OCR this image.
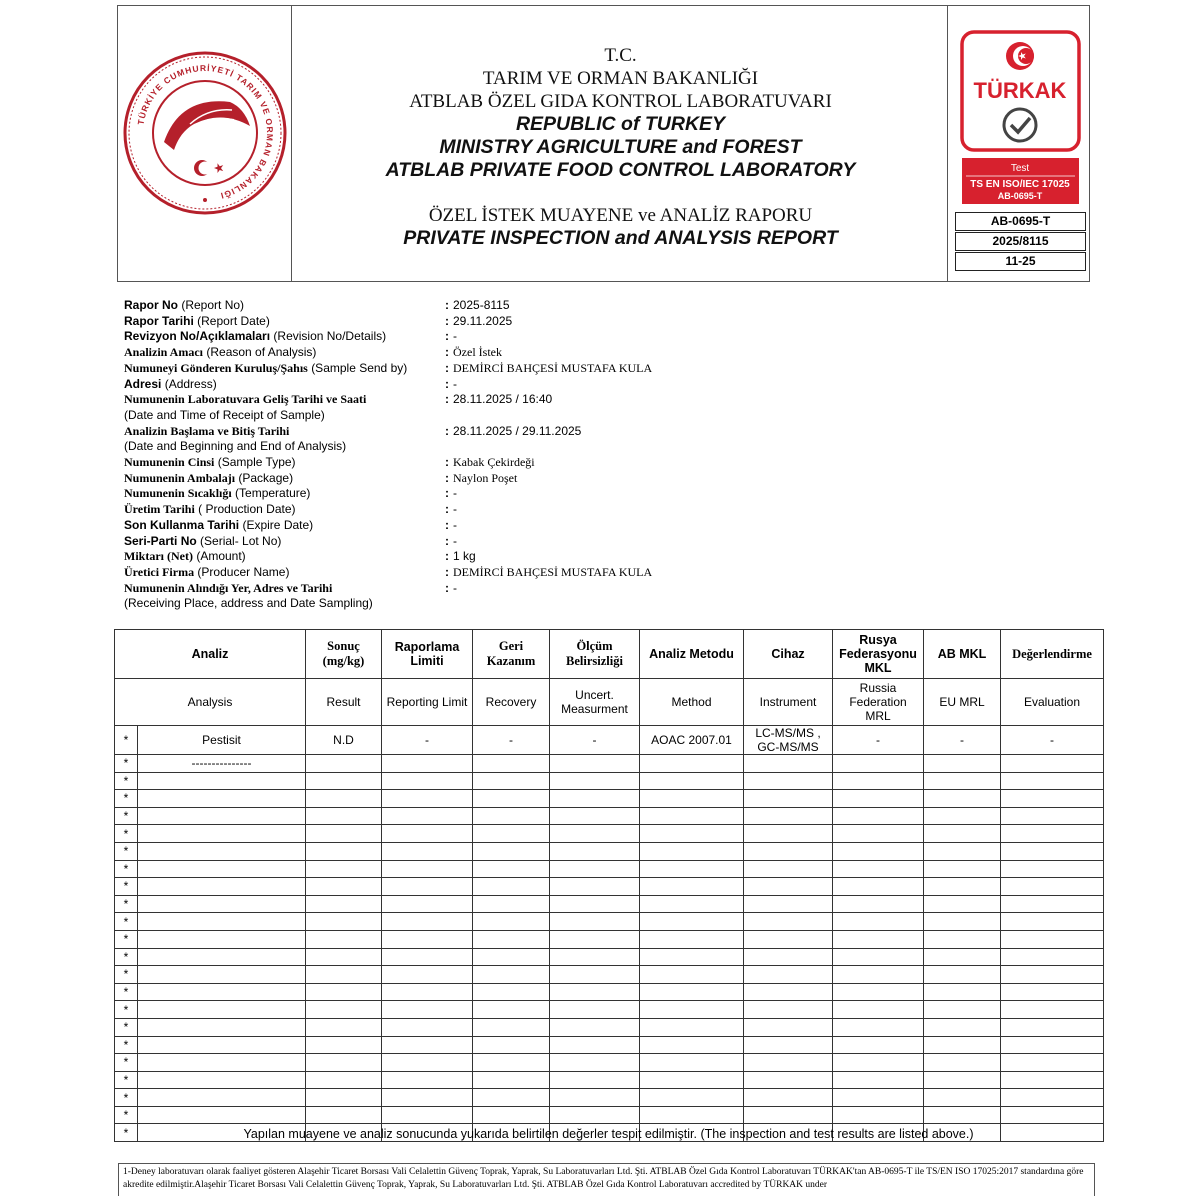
TÜRKİYE CUMHURİYETİ TARIM VE ORMAN BAKANLIĞI
T.C.
TARIM VE ORMAN BAKANLIĞI
ATBLAB ÖZEL GIDA KONTROL LABORATUVARI
REPUBLIC of TURKEY
MINISTRY AGRICULTURE and FOREST
ATBLAB PRIVATE FOOD CONTROL LABORATORY
ÖZEL İSTEK MUAYENE ve ANALİZ RAPORU
PRIVATE INSPECTION and ANALYSIS REPORT
TÜRKAK
Test
TS EN ISO/IEC 17025
AB-0695-T
AB-0695-T
2025/8115
11-25
Rapor No (Report No)	: 2025-8115
Rapor Tarihi (Report Date)	: 29.11.2025
Revizyon No/Açıklamaları (Revision No/Details)	: -
Analizin Amacı (Reason of Analysis)	: Özel İstek
Numuneyi Gönderen Kuruluş/Şahıs (Sample Send by)	: DEMİRCİ BAHÇESİ MUSTAFA KULA
Adresi (Address)	: -
Numunenin Laboratuvara Geliş Tarihi ve Saati
(Date and Time of Receipt of Sample)
: 28.11.2025 / 16:40
Analizin Başlama ve Bitiş Tarihi
(Date and Beginning and End of Analysis)
: 28.11.2025 / 29.11.2025
Numunenin Cinsi (Sample Type)	: Kabak Çekirdeği
Numunenin Ambalajı (Package)	: Naylon Poşet
Numunenin Sıcaklığı (Temperature)	: -
Üretim Tarihi ( Production Date)	: -
Son Kullanma Tarihi (Expire Date)	: -
Seri-Parti No (Serial- Lot No)	: -
Miktarı (Net) (Amount)	: 1 kg
Üretici Firma (Producer Name)	: DEMİRCİ BAHÇESİ MUSTAFA KULA
Numunenin Alındığı Yer, Adres ve Tarihi
(Receiving Place, address and Date Sampling)
: -
Analiz		Sonuç (mg/kg)	Raporlama Limiti	Geri Kazanım	Ölçüm Belirsizliği	Analiz Metodu	Cihaz	Rusya Federasyonu MKL	AB MKL	Değerlendirme
Analysis		Result	Reporting Limit	Recovery	Uncert. Measurment	Method	Instrument	Russia Federation MRL	EU MRL	Evaluation
*	Pestisit	N.D	-	-	-	AOAC 2007.01	LC-MS/MS , GC-MS/MS	-	-	-
*	---------------									
*										
*										
*										
*										
*										
*										
*										
*										
*										
*										
*										
*										
*										
*										
*										
*										
*										
*										
*										
*										
*											Yapılan muayene ve analiz sonucunda yukarıda belirtilen değerler tespit edilmiştir. (The inspection and test results are listed above.)
1-Deney laboratuvarı olarak faaliyet gösteren Alaşehir Ticaret Borsası Vali Celalettin Güvenç Toprak, Yaprak, Su Laboratuvarları Ltd. Şti. ATBLAB Özel Gıda Kontrol Laboratuvarı TÜRKAK'tan AB-0695-T ile TS/EN ISO 17025:2017 standardına göre akredite edilmiştir.Alaşehir Ticaret Borsası Vali Celalettin Güvenç Toprak, Yaprak, Su Laboratuvarları Ltd. Şti. ATBLAB Özel Gıda Kontrol Laboratuvarı accredited by TÜRKAK under
